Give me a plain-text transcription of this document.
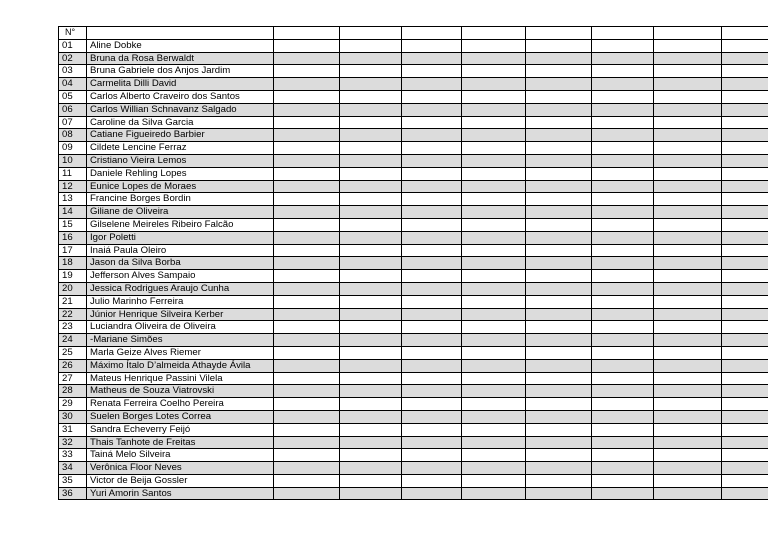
N°									
01	Aline Dobke								
02	Bruna da Rosa Berwaldt								
03	Bruna Gabriele dos Anjos Jardim								
04	Carmelita Dilli David								
05	Carlos Alberto Craveiro dos Santos								
06	Carlos Willian Schnavanz Salgado								
07	Caroline da Silva Garcia								
08	Catiane Figueiredo Barbier								
09	Cildete Lencine Ferraz								
10	Cristiano Vieira Lemos								
11	Daniele Rehling Lopes								
12	Eunice Lopes de Moraes								
13	Francine Borges Bordin								
14	Giliane de Oliveira								
15	Gilselene Meireles Ribeiro Falcão								
16	Igor Poletti								
17	Inaiá Paula Oleiro								
18	Jason da Silva Borba								
19	Jefferson Alves Sampaio								
20	Jessica Rodrigues Araujo Cunha								
21	Julio Marinho Ferreira								
22	Júnior Henrique Silveira Kerber								
23	Luciandra Oliveira de Oliveira								
24	-Mariane Simões								
25	Marla Geize Alves Riemer								
26	Máximo Ítalo D’almeida Athayde Ávila								
27	Mateus Henrique Passini Vilela								
28	Matheus de Souza Viatrovski								
29	Renata Ferreira Coelho Pereira								
30	Suelen Borges Lotes Correa								
31	Sandra Echeverry Feijó								
32	Thais Tanhote de Freitas								
33	Tainá Melo Silveira								
34	Verônica Floor Neves								
35	Victor de Beija Gossler								
36	Yuri Amorin Santos								
